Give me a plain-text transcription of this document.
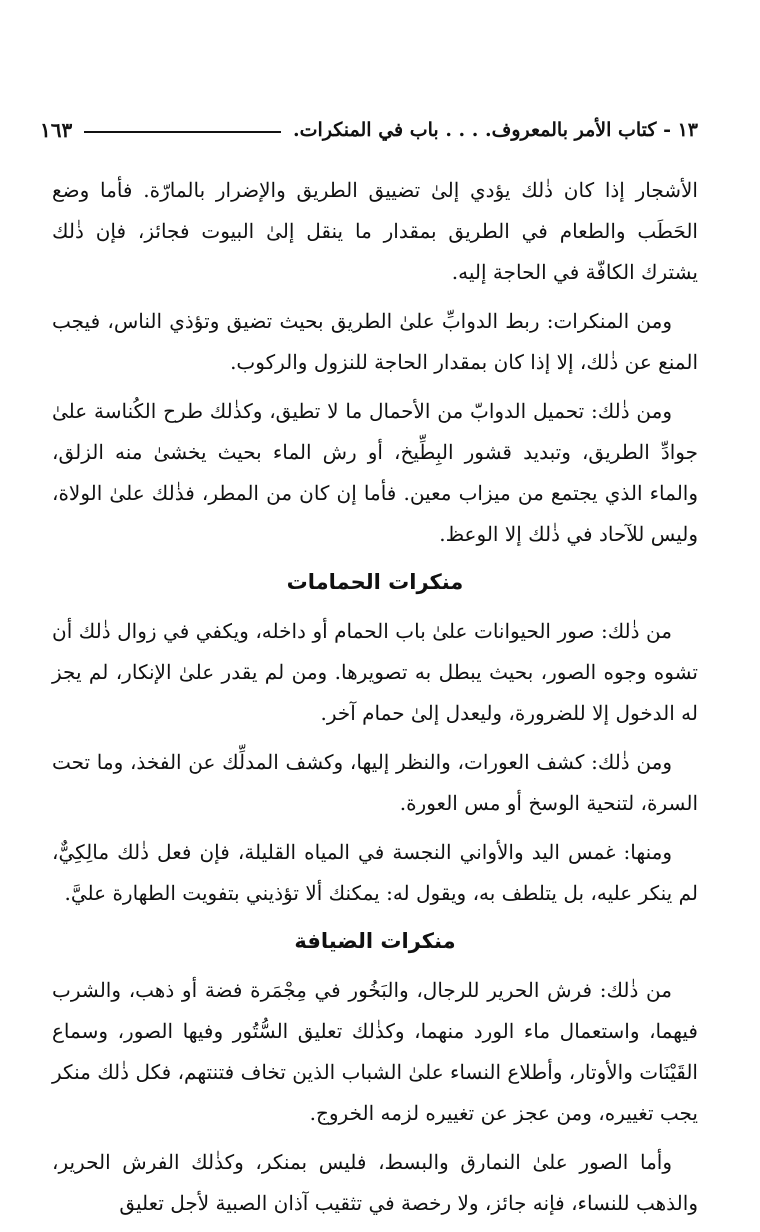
١٣ - كتاب الأمر بالمعروف. . . . باب في المنكرات.
١٦٣

الأشجار إذا كان ذٰلك يؤدي إلىٰ تضييق الطريق والإضرار بالمارّة. فأما وضع الحَطَب والطعام في الطريق بمقدار ما ينقل إلىٰ البيوت فجائز، فإن ذٰلك يشترك الكافّة في الحاجة إليه.

ومن المنكرات: ربط الدوابِّ علىٰ الطريق بحيث تضيق وتؤذي الناس، فيجب المنع عن ذٰلك، إلا إذا كان بمقدار الحاجة للنزول والركوب.

ومن ذٰلك: تحميل الدوابّ من الأحمال ما لا تطيق، وكذٰلك طرح الكُناسة علىٰ جوادِّ الطريق، وتبديد قشور البِطِّيخ، أو رش الماء بحيث يخشىٰ منه الزلق، والماء الذي يجتمع من ميزاب معين. فأما إن كان من المطر، فذٰلك علىٰ الولاة، وليس للآحاد في ذٰلك إلا الوعظ.

منكرات الحمامات

من ذٰلك: صور الحيوانات علىٰ باب الحمام أو داخله، ويكفي في زوال ذٰلك أن تشوه وجوه الصور، بحيث يبطل به تصويرها. ومن لم يقدر علىٰ الإنكار، لم يجز له الدخول إلا للضرورة، وليعدل إلىٰ حمام آخر.

ومن ذٰلك: كشف العورات، والنظر إليها، وكشف المدلِّك عن الفخذ، وما تحت السرة، لتنحية الوسخ أو مس العورة.

ومنها: غمس اليد والأواني النجسة في المياه القليلة، فإن فعل ذٰلك مالِكِيٌّ، لم ينكر عليه، بل يتلطف به، ويقول له: يمكنك ألا تؤذيني بتفويت الطهارة عليَّ.

منكرات الضيافة

من ذٰلك: فرش الحرير للرجال، والبَخُور في مِجْمَرة فضة أو ذهب، والشرب فيهما، واستعمال ماء الورد منهما، وكذٰلك تعليق السُّتُور وفيها الصور، وسماع القَيْنَات والأوتار، وأطلاع النساء علىٰ الشباب الذين تخاف فتنتهم، فكل ذٰلك منكر يجب تغييره، ومن عجز عن تغييره لزمه الخروج.

وأما الصور علىٰ النمارق والبسط، فليس بمنكر، وكذٰلك الفرش الحرير، والذهب للنساء، فإنه جائز، ولا رخصة في تثقيب آذان الصبية لأجل تعليق
